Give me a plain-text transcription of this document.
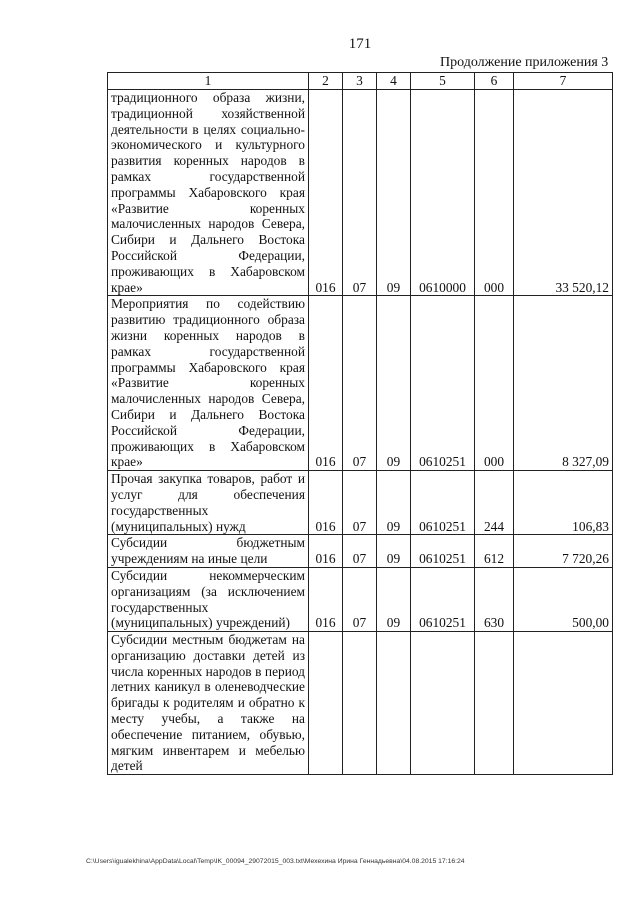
171
Продолжение приложения 3
1	2	3	4	5	6	7
традиционного образа жизни, традиционной хозяйственной деятельности в целях социально-экономического и культурного развития коренных народов в рамках государственной программы Хабаровского края «Развитие коренных малочисленных народов Севера, Сибири и Дальнего Востока Российской Федерации, проживающих в Хабаровском крае»	016	07	09	0610000	000	33 520,12
Мероприятия по содействию развитию традиционного образа жизни коренных народов в рамках государственной программы Хабаровского края «Развитие коренных малочисленных народов Севера, Сибири и Дальнего Востока Российской Федерации, проживающих в Хабаровском крае»	016	07	09	0610251	000	8 327,09
Прочая закупка товаров, работ и услуг для обеспечения государственных (муниципальных) нужд	016	07	09	0610251	244	106,83
Субсидии бюджетным учреждениям на иные цели	016	07	09	0610251	612	7 720,26
Субсидии некоммерческим организациям (за исключением государственных (муниципальных) учреждений)	016	07	09	0610251	630	500,00
Субсидии местным бюджетам на организацию доставки детей из числа коренных народов в период летних каникул в оленеводческие бригады к родителям и обратно к месту учебы, а также на обеспечение питанием, обувью, мягким инвентарем и мебелью детей						
C:\Users\igualekhina\AppData\Local\Temp\IK_00094_29072015_003.txt\Мехехина Ирина Геннадьевна\04.08.2015 17:16:24
